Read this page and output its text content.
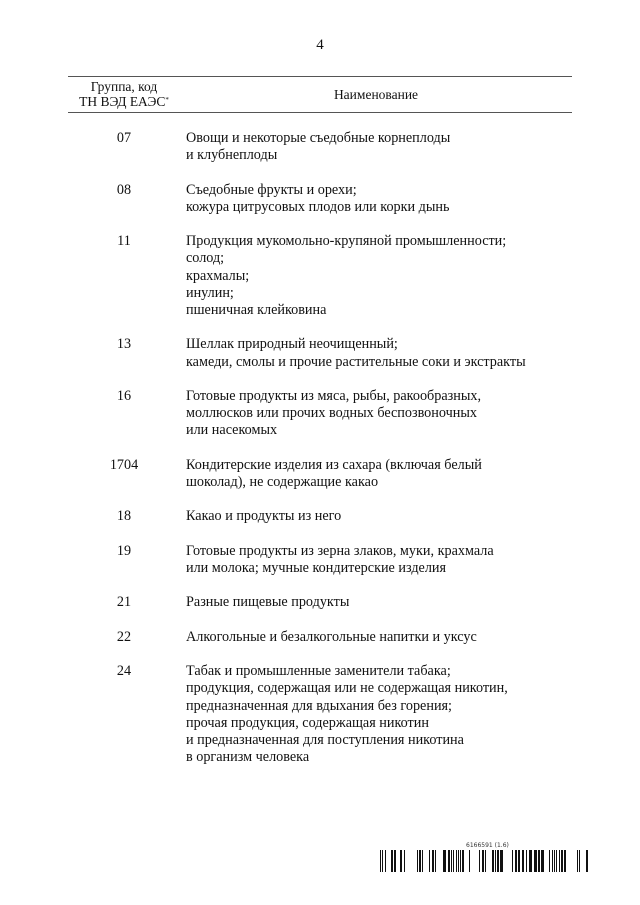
4
Группа, код
ТН ВЭД ЕАЭС*	Наименование
07	Овощи и некоторые съедобные корнеплоды
и клубнеплоды
08	Съедобные фрукты и орехи;
кожура цитрусовых плодов или корки дынь
11	Продукция мукомольно-крупяной промышленности;
солод;
крахмалы;
инулин;
пшеничная клейковина
13	Шеллак природный неочищенный;
камеди, смолы и прочие растительные соки и экстракты
16	Готовые продукты из мяса, рыбы, ракообразных,
моллюсков или прочих водных беспозвоночных
или насекомых
1704	Кондитерские изделия из сахара (включая белый
шоколад), не содержащие какао
18	Какао и продукты из него
19	Готовые продукты из зерна злаков, муки, крахмала
или молока; мучные кондитерские изделия
21	Разные пищевые продукты
22	Алкогольные и безалкогольные напитки и уксус
24	Табак и промышленные заменители табака;
продукция, содержащая или не содержащая никотин,
предназначенная для вдыхания без горения;
прочая продукция, содержащая никотин
и предназначенная для поступления никотина
в организм человека
6166591 (1.6)
